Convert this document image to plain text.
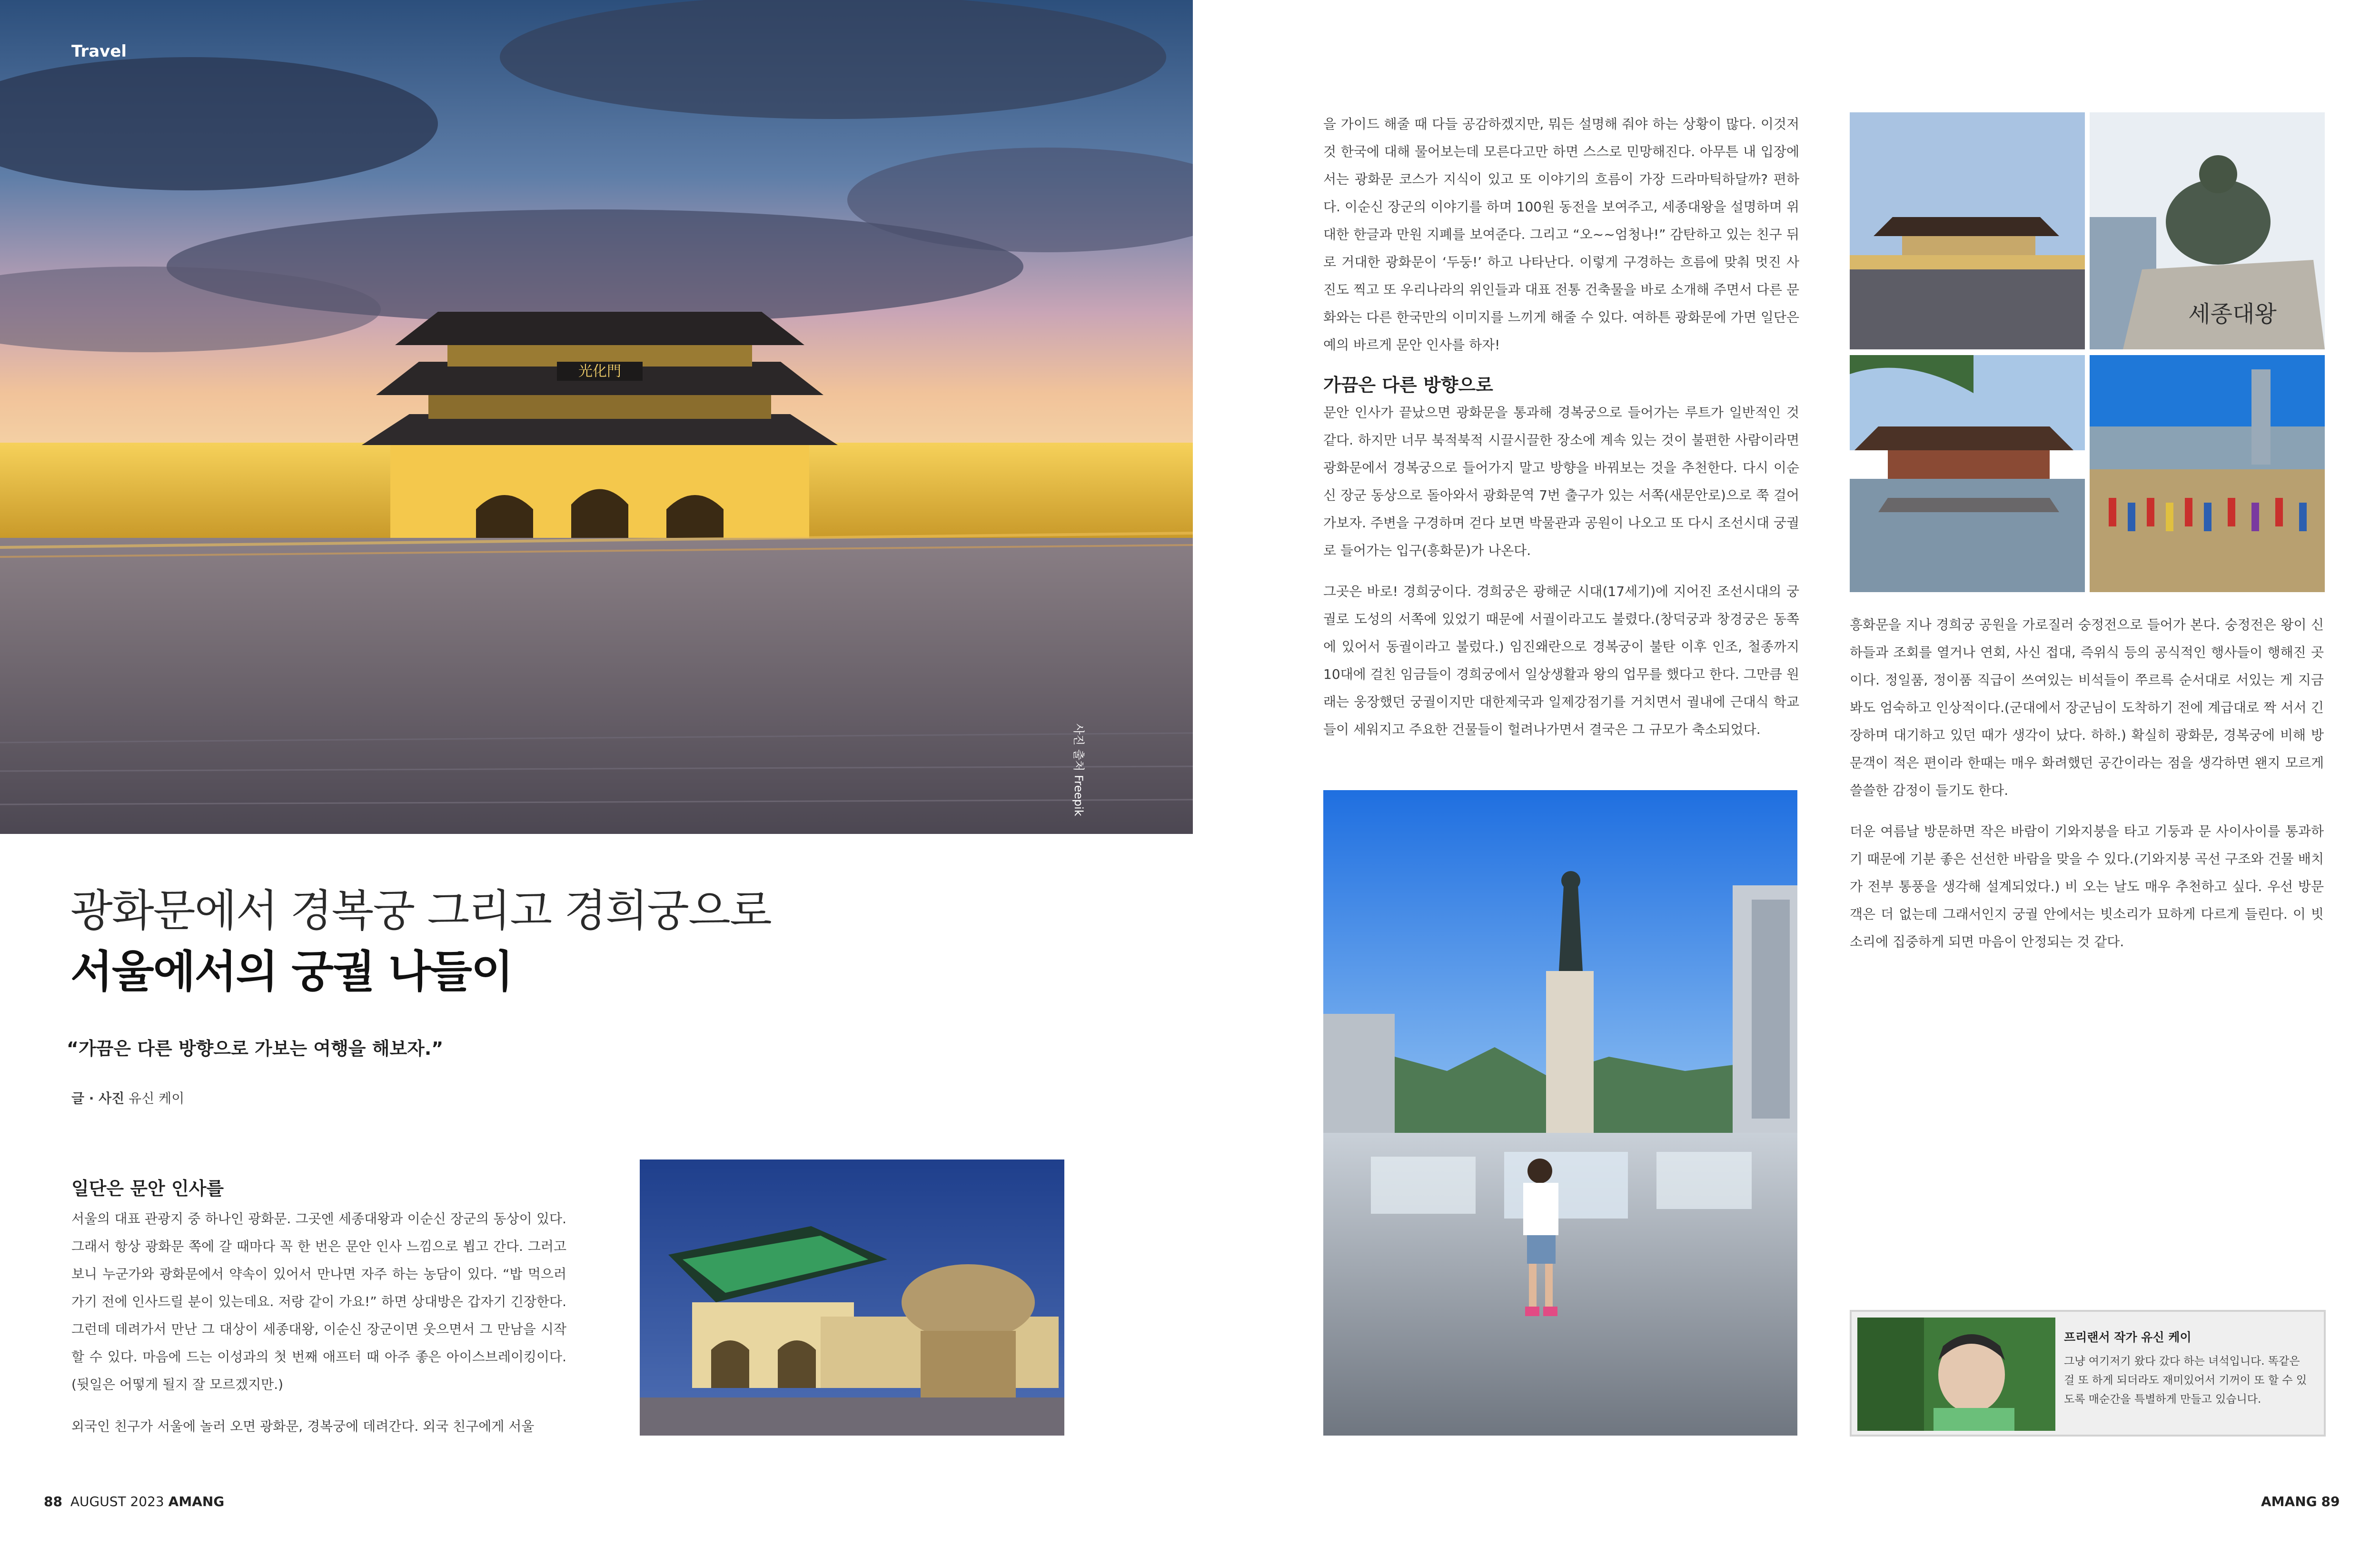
光化門
Travel
사진 출처 Freepik
광화문에서 경복궁 그리고 경희궁으로
서울에서의 궁궐 나들이
“가끔은 다른 방향으로 가보는 여행을 해보자.”
글 · 사진 유신 케이
일단은 문안 인사를
서울의 대표 관광지 중 하나인 광화문. 그곳엔 세종대왕과 이순신 장군의 동상이 있다. 그래서 항상 광화문 쪽에 갈 때마다 꼭 한 번은 문안 인사 느낌으로 뵙고 간다. 그러고 보니 누군가와 광화문에서 약속이 있어서 만나면 자주 하는 농담이 있다. “밥 먹으러 가기 전에 인사드릴 분이 있는데요. 저랑 같이 가요!” 하면 상대방은 갑자기 긴장한다. 그런데 데려가서 만난 그 대상이 세종대왕, 이순신 장군이면 웃으면서 그 만남을 시작할 수 있다. 마음에 드는 이성과의 첫 번째 애프터 때 아주 좋은 아이스브레이킹이다.(뒷일은 어떻게 될지 잘 모르겠지만.)
외국인 친구가 서울에 놀러 오면 광화문, 경복궁에 데려간다. 외국 친구에게 서울
88 AUGUST 2023 AMANG
을 가이드 해줄 때 다들 공감하겠지만, 뭐든 설명해 줘야 하는 상황이 많다. 이것저것 한국에 대해 물어보는데 모른다고만 하면 스스로 민망해진다. 아무튼 내 입장에서는 광화문 코스가 지식이 있고 또 이야기의 흐름이 가장 드라마틱하달까? 편하다. 이순신 장군의 이야기를 하며 100원 동전을 보여주고, 세종대왕을 설명하며 위대한 한글과 만원 지폐를 보여준다. 그리고 “오~~엄청나!” 감탄하고 있는 친구 뒤로 거대한 광화문이 ‘두둥!’ 하고 나타난다. 이렇게 구경하는 흐름에 맞춰 멋진 사진도 찍고 또 우리나라의 위인들과 대표 전통 건축물을 바로 소개해 주면서 다른 문화와는 다른 한국만의 이미지를 느끼게 해줄 수 있다. 여하튼 광화문에 가면 일단은 예의 바르게 문안 인사를 하자!
가끔은 다른 방향으로
문안 인사가 끝났으면 광화문을 통과해 경복궁으로 들어가는 루트가 일반적인 것 같다. 하지만 너무 북적북적 시끌시끌한 장소에 계속 있는 것이 불편한 사람이라면 광화문에서 경복궁으로 들어가지 말고 방향을 바꿔보는 것을 추천한다. 다시 이순신 장군 동상으로 돌아와서 광화문역 7번 출구가 있는 서쪽(새문안로)으로 쭉 걸어가보자. 주변을 구경하며 걷다 보면 박물관과 공원이 나오고 또 다시 조선시대 궁궐로 들어가는 입구(흥화문)가 나온다.
그곳은 바로! 경희궁이다. 경희궁은 광해군 시대(17세기)에 지어진 조선시대의 궁궐로 도성의 서쪽에 있었기 때문에 서궐이라고도 불렸다.(창덕궁과 창경궁은 동쪽에 있어서 동궐이라고 불렀다.) 임진왜란으로 경복궁이 불탄 이후 인조, 철종까지 10대에 걸친 임금들이 경희궁에서 일상생활과 왕의 업무를 했다고 한다. 그만큼 원래는 웅장했던 궁궐이지만 대한제국과 일제강점기를 거치면서 궐내에 근대식 학교들이 세워지고 주요한 건물들이 헐려나가면서 결국은 그 규모가 축소되었다.
세종대왕
흥화문을 지나 경희궁 공원을 가로질러 숭정전으로 들어가 본다. 숭정전은 왕이 신하들과 조회를 열거나 연회, 사신 접대, 즉위식 등의 공식적인 행사들이 행해진 곳이다. 정일품, 정이품 직급이 쓰여있는 비석들이 쭈르륵 순서대로 서있는 게 지금 봐도 엄숙하고 인상적이다.(군대에서 장군님이 도착하기 전에 계급대로 짝 서서 긴장하며 대기하고 있던 때가 생각이 났다. 하하.) 확실히 광화문, 경복궁에 비해 방문객이 적은 편이라 한때는 매우 화려했던 공간이라는 점을 생각하면 왠지 모르게 쓸쓸한 감정이 들기도 한다.
더운 여름날 방문하면 작은 바람이 기와지붕을 타고 기둥과 문 사이사이를 통과하기 때문에 기분 좋은 선선한 바람을 맞을 수 있다.(기와지붕 곡선 구조와 건물 배치가 전부 통풍을 생각해 설계되었다.) 비 오는 날도 매우 추천하고 싶다. 우선 방문객은 더 없는데 그래서인지 궁궐 안에서는 빗소리가 묘하게 다르게 들린다. 이 빗소리에 집중하게 되면 마음이 안정되는 것 같다.
프리랜서 작가 유신 케이
그냥 여기저기 왔다 갔다 하는 녀석입니다. 똑같은 걸 또 하게 되더라도 재미있어서 기꺼이 또 할 수 있도록 매순간을 특별하게 만들고 있습니다.
AMANG 89
